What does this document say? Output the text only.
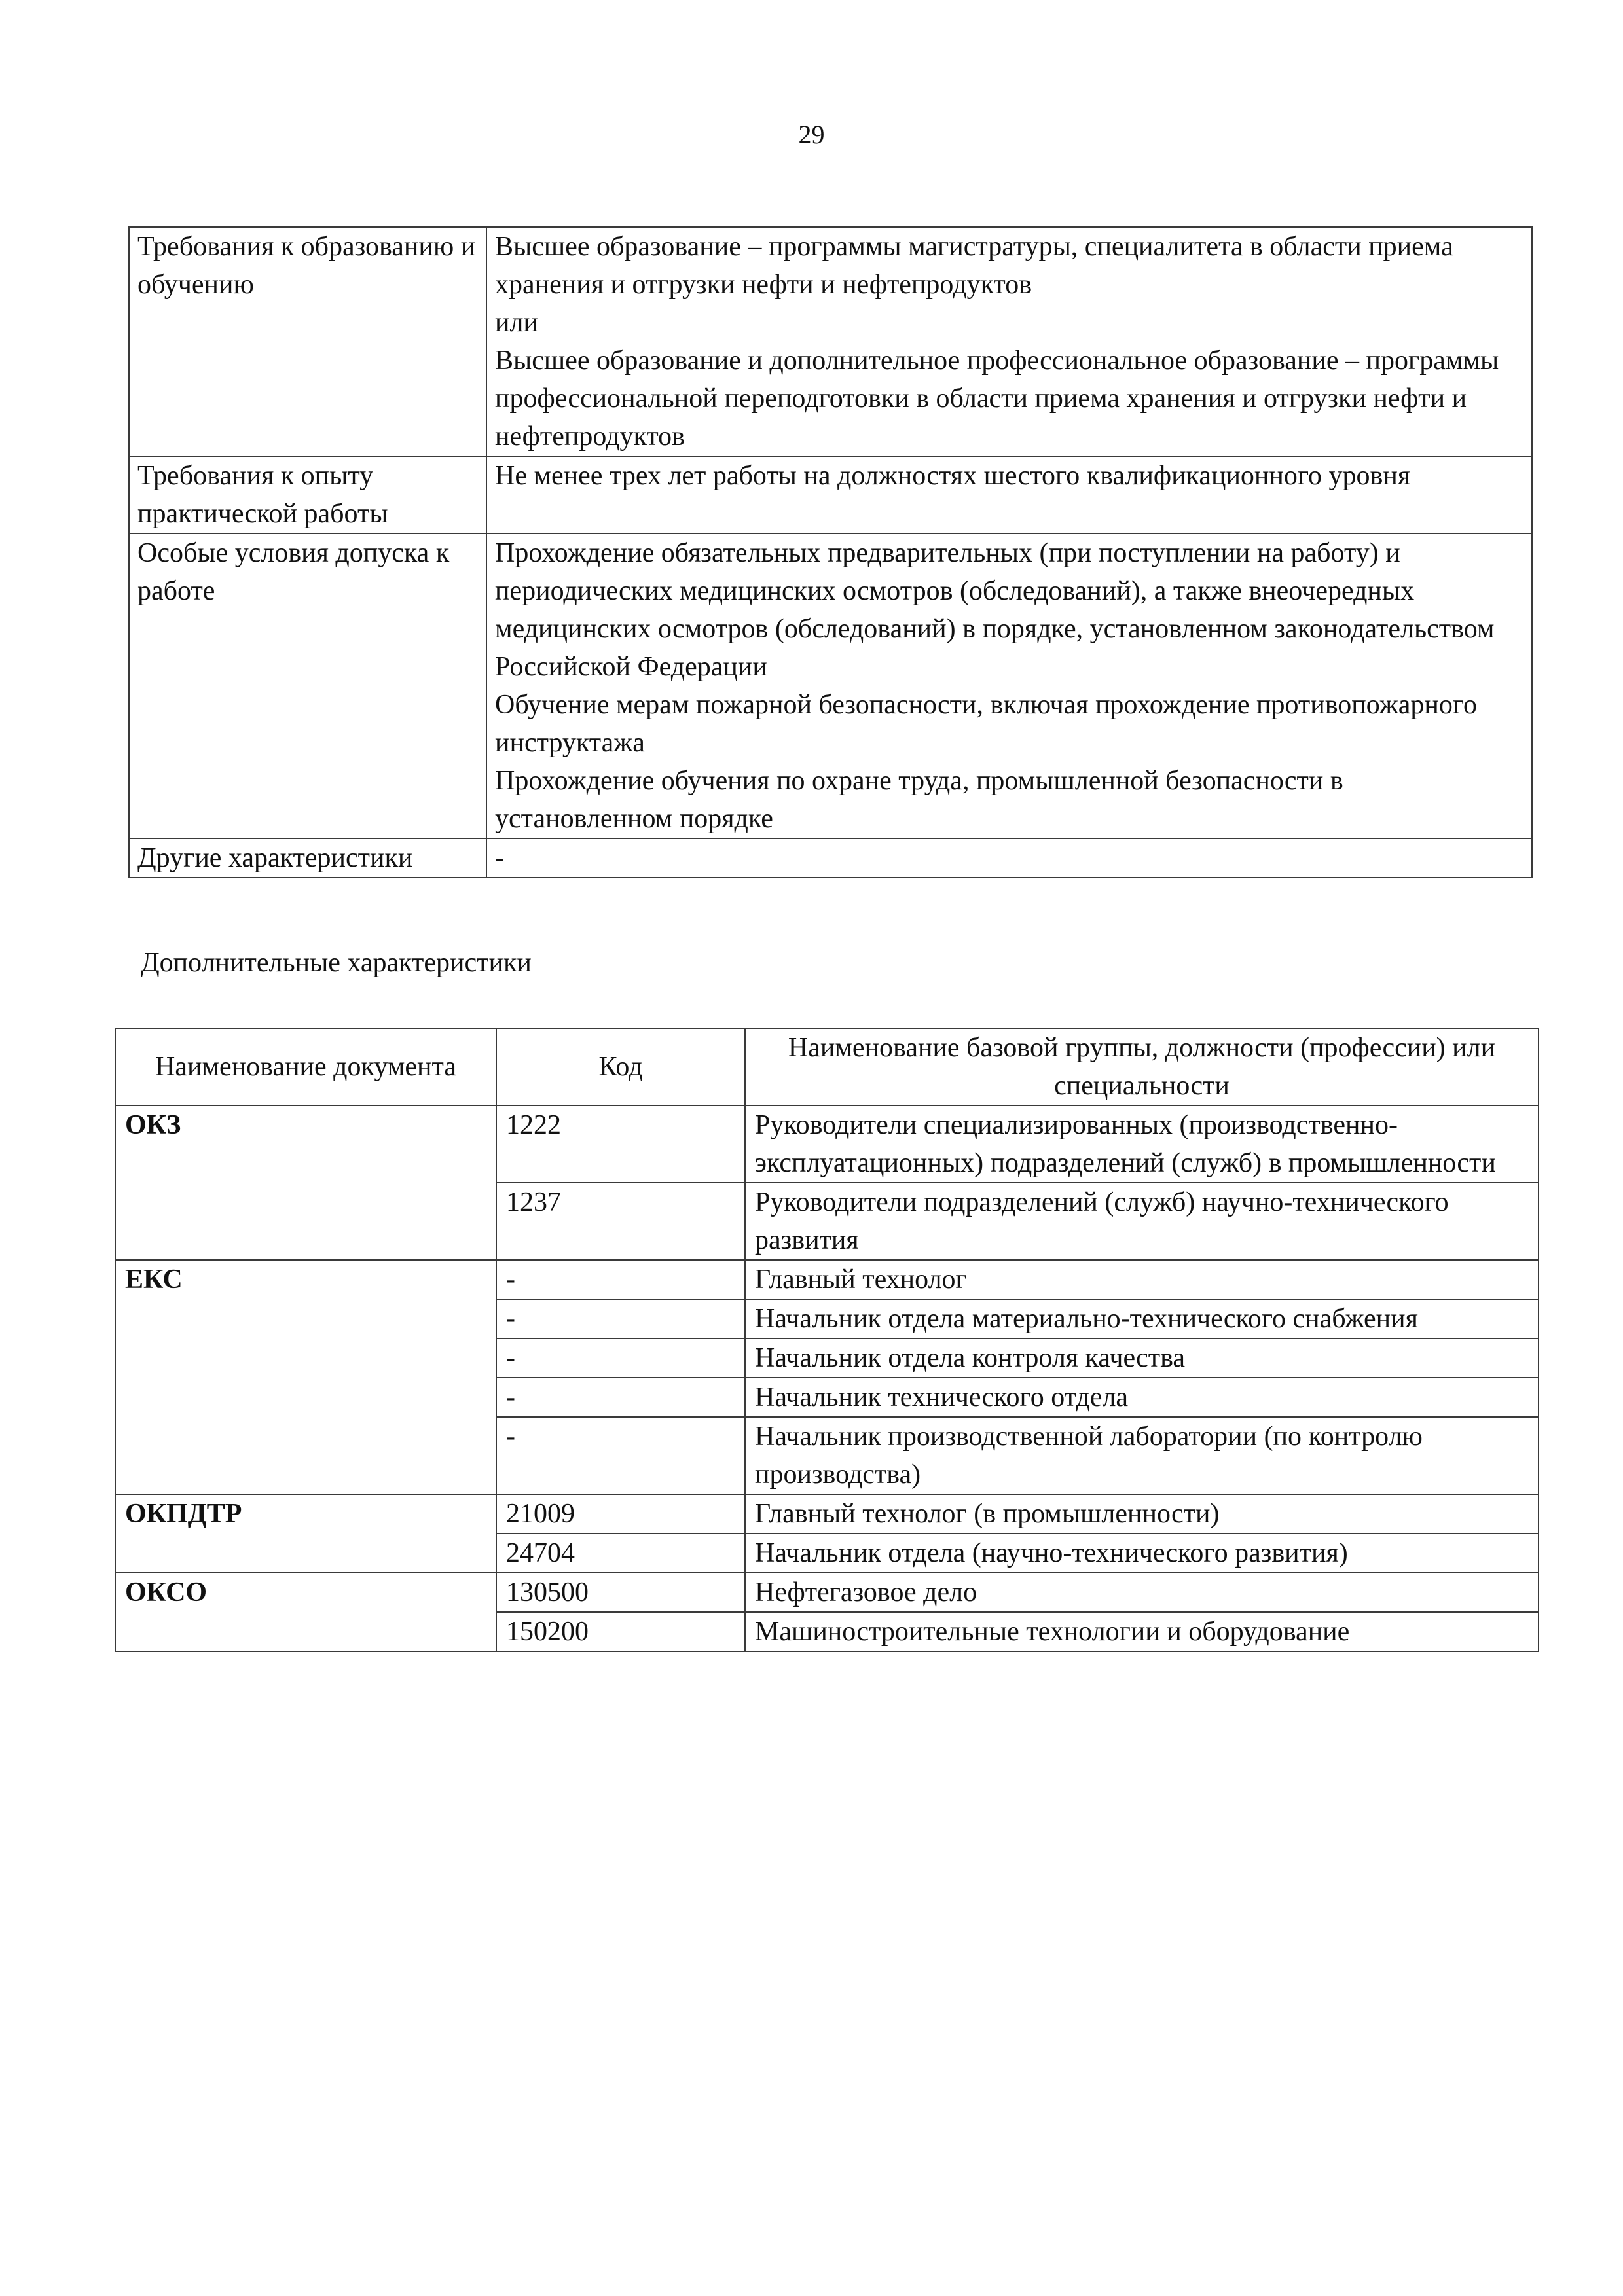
29
Требования к образованию и обучению	Высшее образование – программы магистратуры, специалитета в области приема хранения и отгрузки нефти и нефтепродуктов
или
Высшее образование и дополнительное профессиональное образование – программы профессиональной переподготовки в области приема хранения и отгрузки нефти и нефтепродуктов

Требования к опыту практической работы	Не менее трех лет работы на должностях шестого квалификационного уровня

Особые условия допуска к работе	Прохождение обязательных предварительных (при поступлении на работу) и периодических медицинских осмотров (обследований), а также внеочередных медицинских осмотров (обследований) в порядке, установленном законодательством Российской Федерации
Обучение мерам пожарной безопасности, включая прохождение противопожарного инструктажа
Прохождение обучения по охране труда, промышленной безопасности в установленном порядке

Другие характеристики	-
Дополнительные характеристики
Наименование документа	Код	Наименование базовой группы, должности (профессии) или специальности
ОКЗ	1222	Руководители специализированных (производственно-эксплуатационных) подразделений (служб) в промышленности
	1237	Руководители подразделений (служб) научно-технического развития
ЕКС	-	Главный технолог
	-	Начальник отдела материально-технического снабжения
	-	Начальник отдела контроля качества
	-	Начальник технического отдела
	-	Начальник производственной лаборатории (по контролю производства)
ОКПДТР	21009	Главный технолог (в промышленности)
	24704	Начальник отдела (научно-технического развития)
ОКСО	130500	Нефтегазовое дело
	150200	Машиностроительные технологии и оборудование
